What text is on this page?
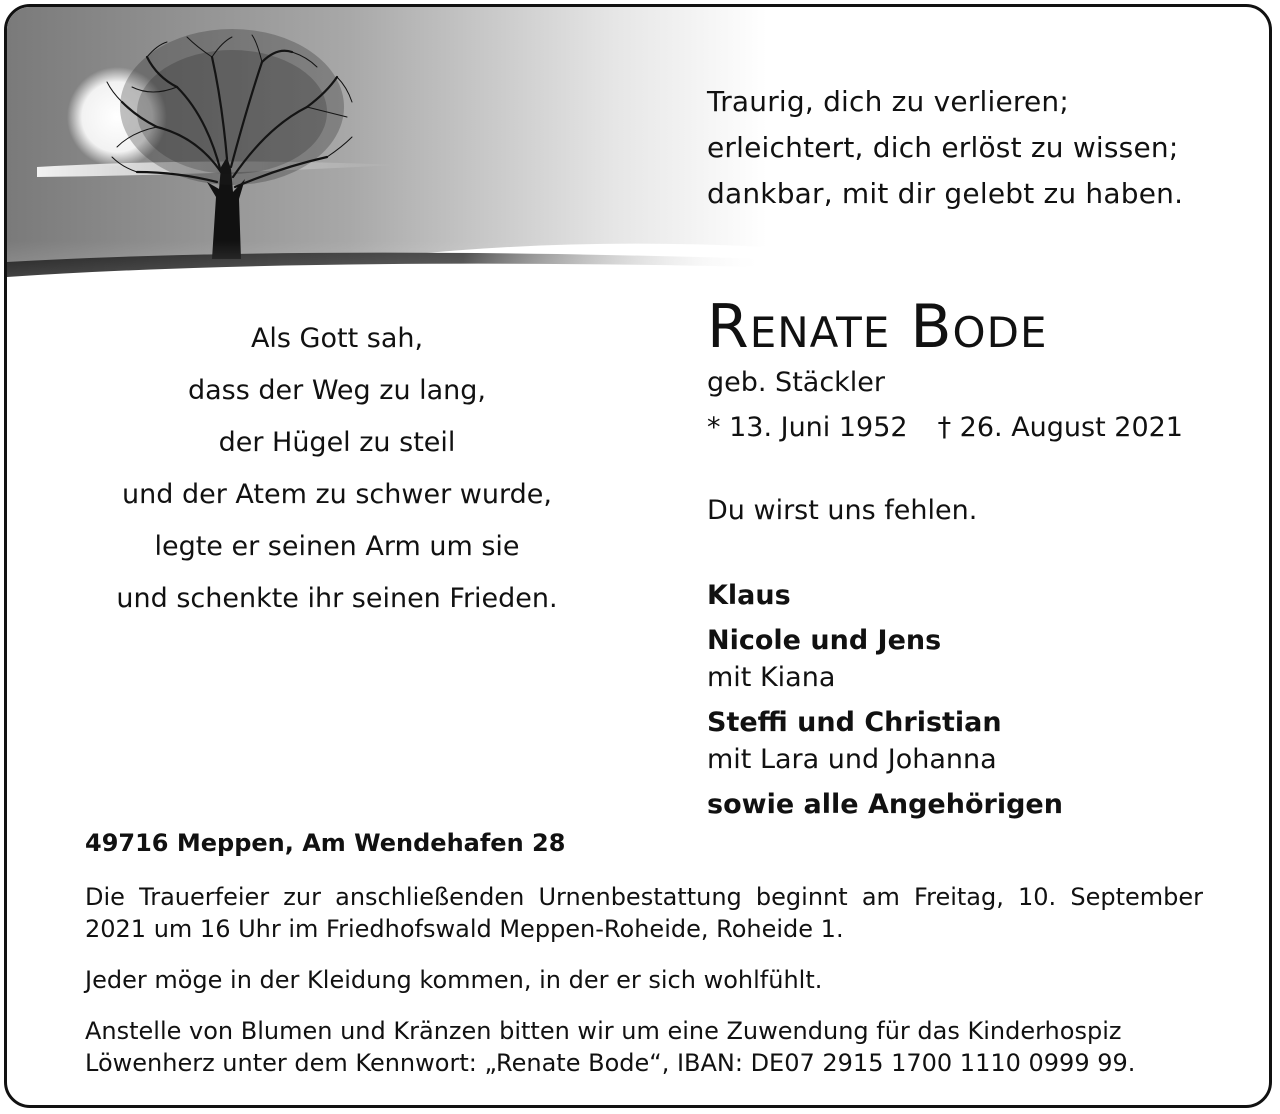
Traurig, dich zu verlieren;
erleichtert, dich erlöst zu wissen;
dankbar, mit dir gelebt zu haben.
Renate Bode
geb. Stäckler
* 13. Juni 1952 † 26. August 2021
Du wirst uns fehlen.
Als Gott sah,
dass der Weg zu lang,
der Hügel zu steil
und der Atem zu schwer wurde,
legte er seinen Arm um sie
und schenkte ihr seinen Frieden.	Klaus
Nicole und Jens
mit Kiana
Steffi und Christian
mit Lara und Johanna
sowie alle Angehörigen
49716 Meppen, Am Wendehafen 28
Die Trauerfeier zur anschließenden Urnenbestattung beginnt am Freitag, 10. September 2021 um 16 Uhr im Friedhofswald Meppen-Roheide, Roheide 1.
Jeder möge in der Kleidung kommen, in der er sich wohlfühlt.
Anstelle von Blumen und Kränzen bitten wir um eine Zuwendung für das Kinderhospiz Löwenherz unter dem Kennwort: „Renate Bode“, IBAN: DE07 2915 1700 1110 0999 99.
